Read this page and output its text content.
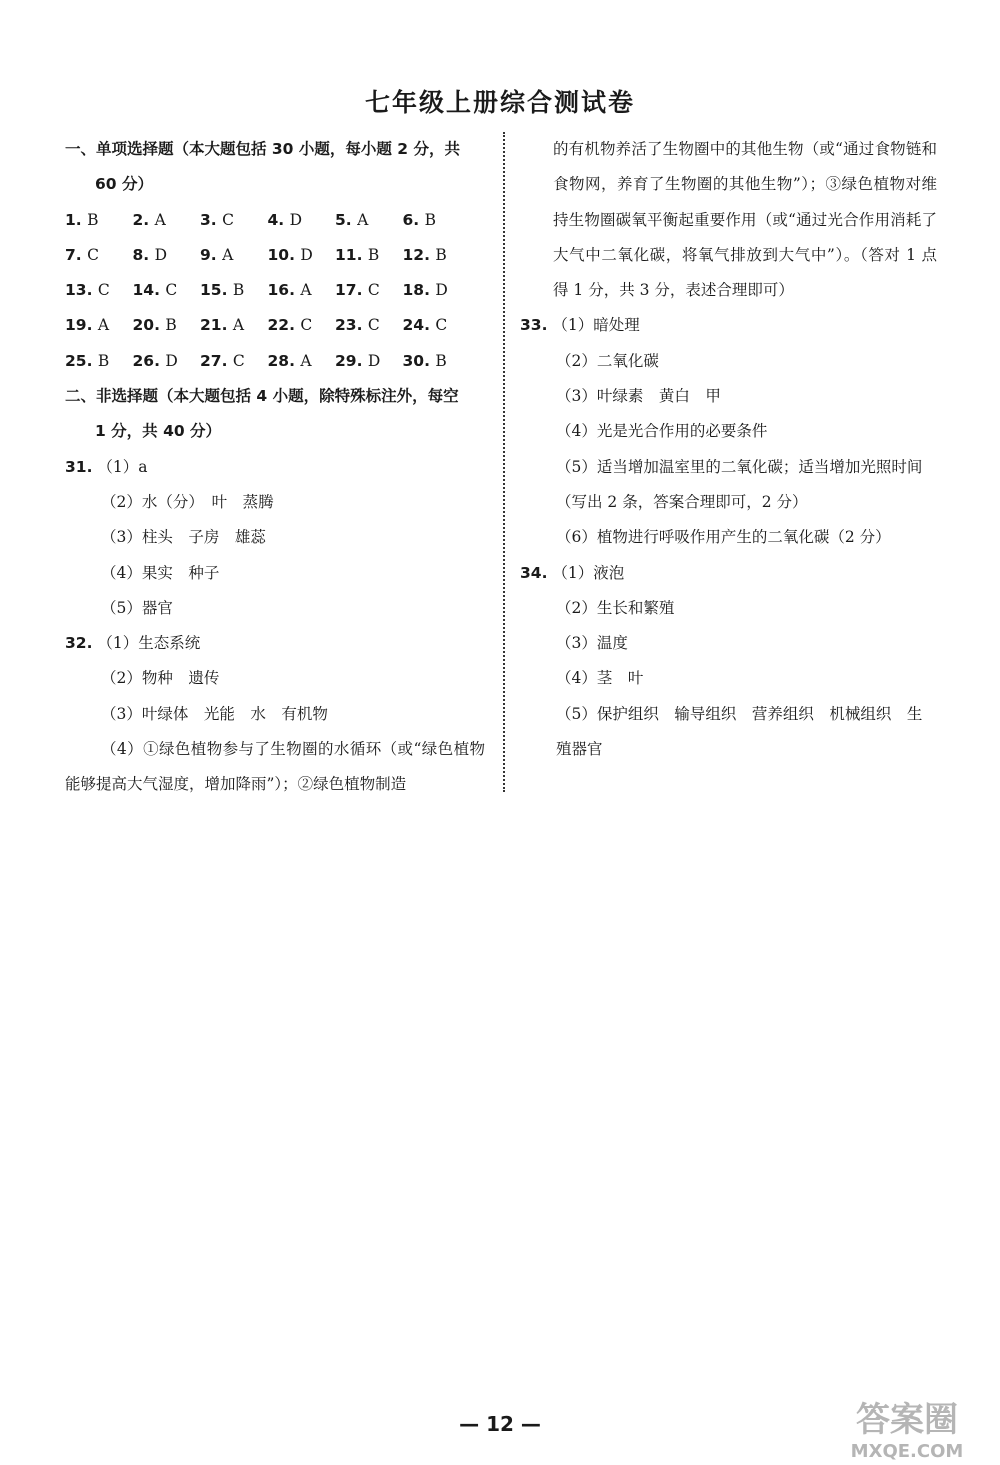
七年级上册综合测试卷
一、单项选择题（本大题包括 30 小题，每小题 2 分，共
60 分）
1. B	2. A	3. C	4. D	5. A	6. B
7. C	8. D	9. A	10. D	11. B	12. B
13. C	14. C	15. B	16. A	17. C	18. D
19. A	20. B	21. A	22. C	23. C	24. C
25. B	26. D	27. C	28. A	29. D	30. B
二、非选择题（本大题包括 4 小题，除特殊标注外，每空
1 分，共 40 分）
31. （1）a
（2）水（分）　叶　蒸腾
（3）柱头　子房　雄蕊
（4）果实　种子
（5）器官
32. （1）生态系统
（2）物种　遗传
（3）叶绿体　光能　水　有机物
（4）①绿色植物参与了生物圈的水循环（或“绿色植物能够提高大气湿度，增加降雨”）；②绿色植物制造
的有机物养活了生物圈中的其他生物（或“通过食物链和食物网，养育了生物圈的其他生物”）；③绿色植物对维持生物圈碳氧平衡起重要作用（或“通过光合作用消耗了大气中二氧化碳，将氧气排放到大气中”）。（答对 1 点得 1 分，共 3 分，表述合理即可）
33. （1）暗处理
（2）二氧化碳
（3）叶绿素　黄白　甲
（4）光是光合作用的必要条件
（5）适当增加温室里的二氧化碳；适当增加光照时间
（写出 2 条，答案合理即可，2 分）
（6）植物进行呼吸作用产生的二氧化碳（2 分）
34. （1）液泡
（2）生长和繁殖
（3）温度
（4）茎　叶
（5）保护组织　输导组织　营养组织　机械组织　生
殖器官
— 12 —	答案圈
MXQE.COM
